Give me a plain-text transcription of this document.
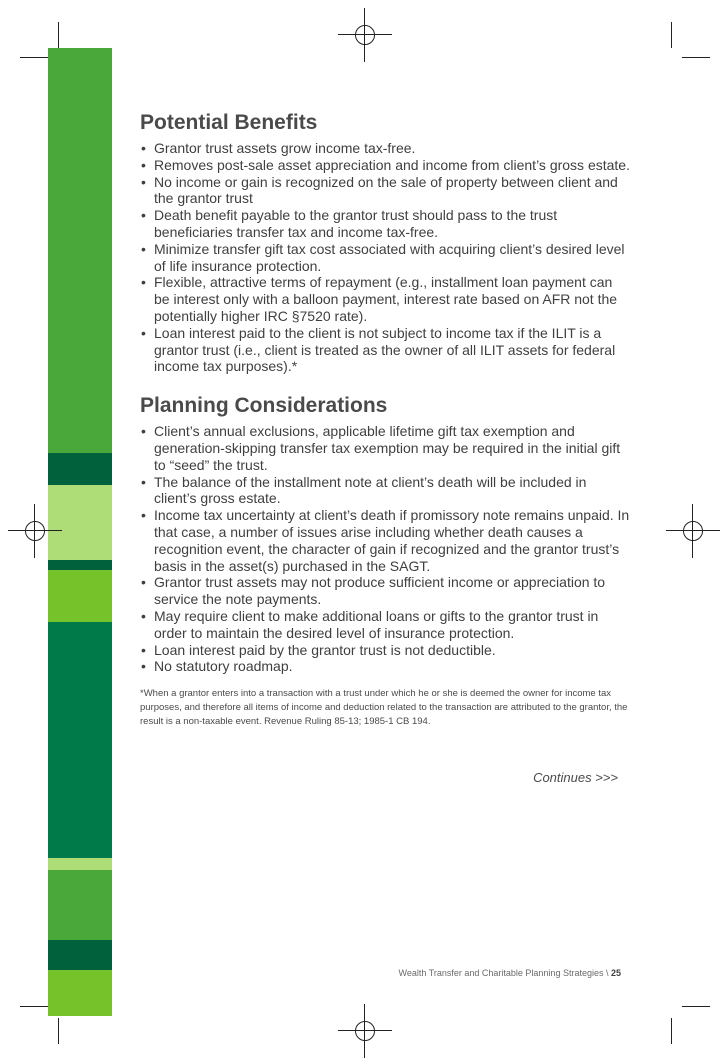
Potential Benefits
• Grantor trust assets grow income tax-free.
• Removes post-sale asset appreciation and income from client’s gross estate.
• No income or gain is recognized on the sale of property between client and the grantor trust
• Death benefit payable to the grantor trust should pass to the trust beneficiaries transfer tax and income tax-free.
• Minimize transfer gift tax cost associated with acquiring client’s desired level of life insurance protection.
• Flexible, attractive terms of repayment (e.g., installment loan payment can be interest only with a balloon payment, interest rate based on AFR not the potentially higher IRC §7520 rate).
• Loan interest paid to the client is not subject to income tax if the ILIT is a grantor trust (i.e., client is treated as the owner of all ILIT assets for federal income tax purposes).*
Planning Considerations
• Client’s annual exclusions, applicable lifetime gift tax exemption and generation-skipping transfer tax exemption may be required in the initial gift to “seed” the trust.
• The balance of the installment note at client’s death will be included in client’s gross estate.
• Income tax uncertainty at client’s death if promissory note remains unpaid. In that case, a number of issues arise including whether death causes a recognition event, the character of gain if recognized and the grantor trust’s basis in the asset(s) purchased in the SAGT.
• Grantor trust assets may not produce sufficient income or appreciation to service the note payments.
• May require client to make additional loans or gifts to the grantor trust in order to maintain the desired level of insurance protection.
• Loan interest paid by the grantor trust is not deductible.
• No statutory roadmap.
*When a grantor enters into a transaction with a trust under which he or she is deemed the owner for income tax purposes, and therefore all items of income and deduction related to the transaction are attributed to the grantor, the result is a non-taxable event. Revenue Ruling 85-13; 1985-1 CB 194.
Continues >>>
Wealth Transfer and Charitable Planning Strategies \ 25
